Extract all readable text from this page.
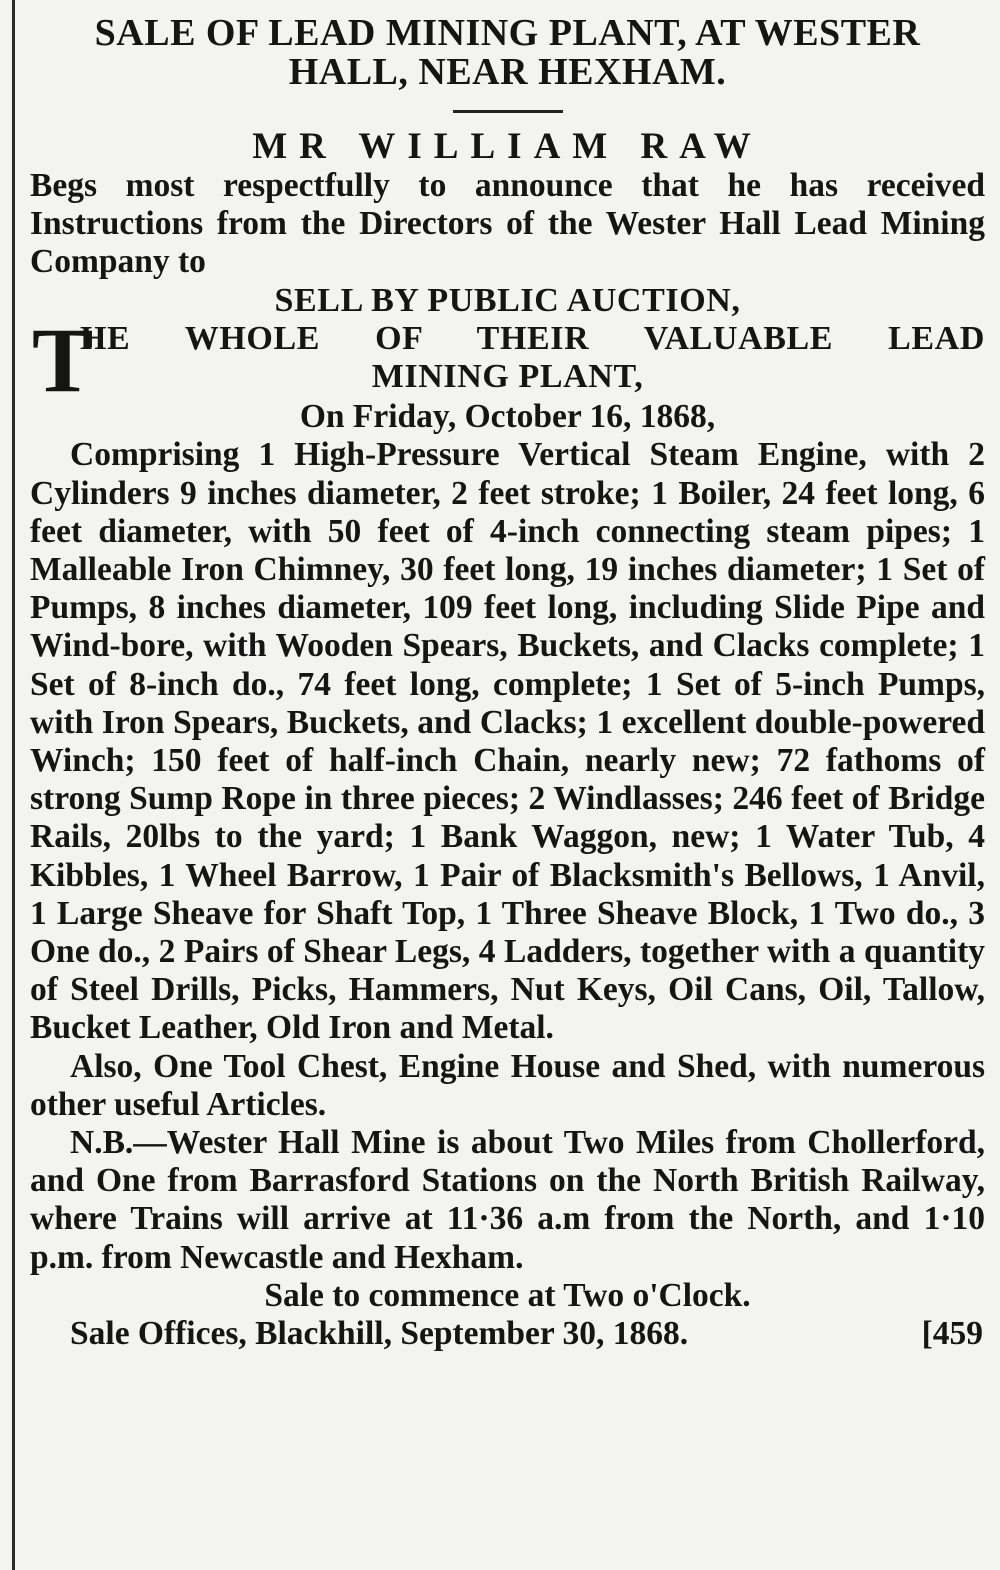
SALE OF LEAD MINING PLANT, AT WESTER HALL, NEAR HEXHAM.

MR WILLIAM RAW

Begs most respectfully to announce that he has received Instructions from the Directors of the Wester Hall Lead Mining Company to

SELL BY PUBLIC AUCTION,

T
HE WHOLE OF THEIR VALUABLE LEAD
MINING PLANT,

On Friday, October 16, 1868,

Comprising 1 High-Pressure Vertical Steam Engine, with 2 Cylinders 9 inches diameter, 2 feet stroke; 1 Boiler, 24 feet long, 6 feet diameter, with 50 feet of 4-inch connecting steam pipes; 1 Malleable Iron Chimney, 30 feet long, 19 inches diameter; 1 Set of Pumps, 8 inches diameter, 109 feet long, including Slide Pipe and Wind-bore, with Wooden Spears, Buckets, and Clacks complete; 1 Set of 8-inch do., 74 feet long, complete; 1 Set of 5-inch Pumps, with Iron Spears, Buckets, and Clacks; 1 excellent double-powered Winch; 150 feet of half-inch Chain, nearly new; 72 fathoms of strong Sump Rope in three pieces; 2 Windlasses; 246 feet of Bridge Rails, 20lbs to the yard; 1 Bank Waggon, new; 1 Water Tub, 4 Kibbles, 1 Wheel Barrow, 1 Pair of Blacksmith's Bellows, 1 Anvil, 1 Large Sheave for Shaft Top, 1 Three Sheave Block, 1 Two do., 3 One do., 2 Pairs of Shear Legs, 4 Ladders, together with a quantity of Steel Drills, Picks, Hammers, Nut Keys, Oil Cans, Oil, Tallow, Bucket Leather, Old Iron and Metal.

Also, One Tool Chest, Engine House and Shed, with numerous other useful Articles.

N.B.—Wester Hall Mine is about Two Miles from Chollerford, and One from Barrasford Stations on the North British Railway, where Trains will arrive at 11·36 a.m from the North, and 1·10 p.m. from Newcastle and Hexham.

Sale to commence at Two o'Clock.

Sale Offices, Blackhill, September 30, 1868.	[459
